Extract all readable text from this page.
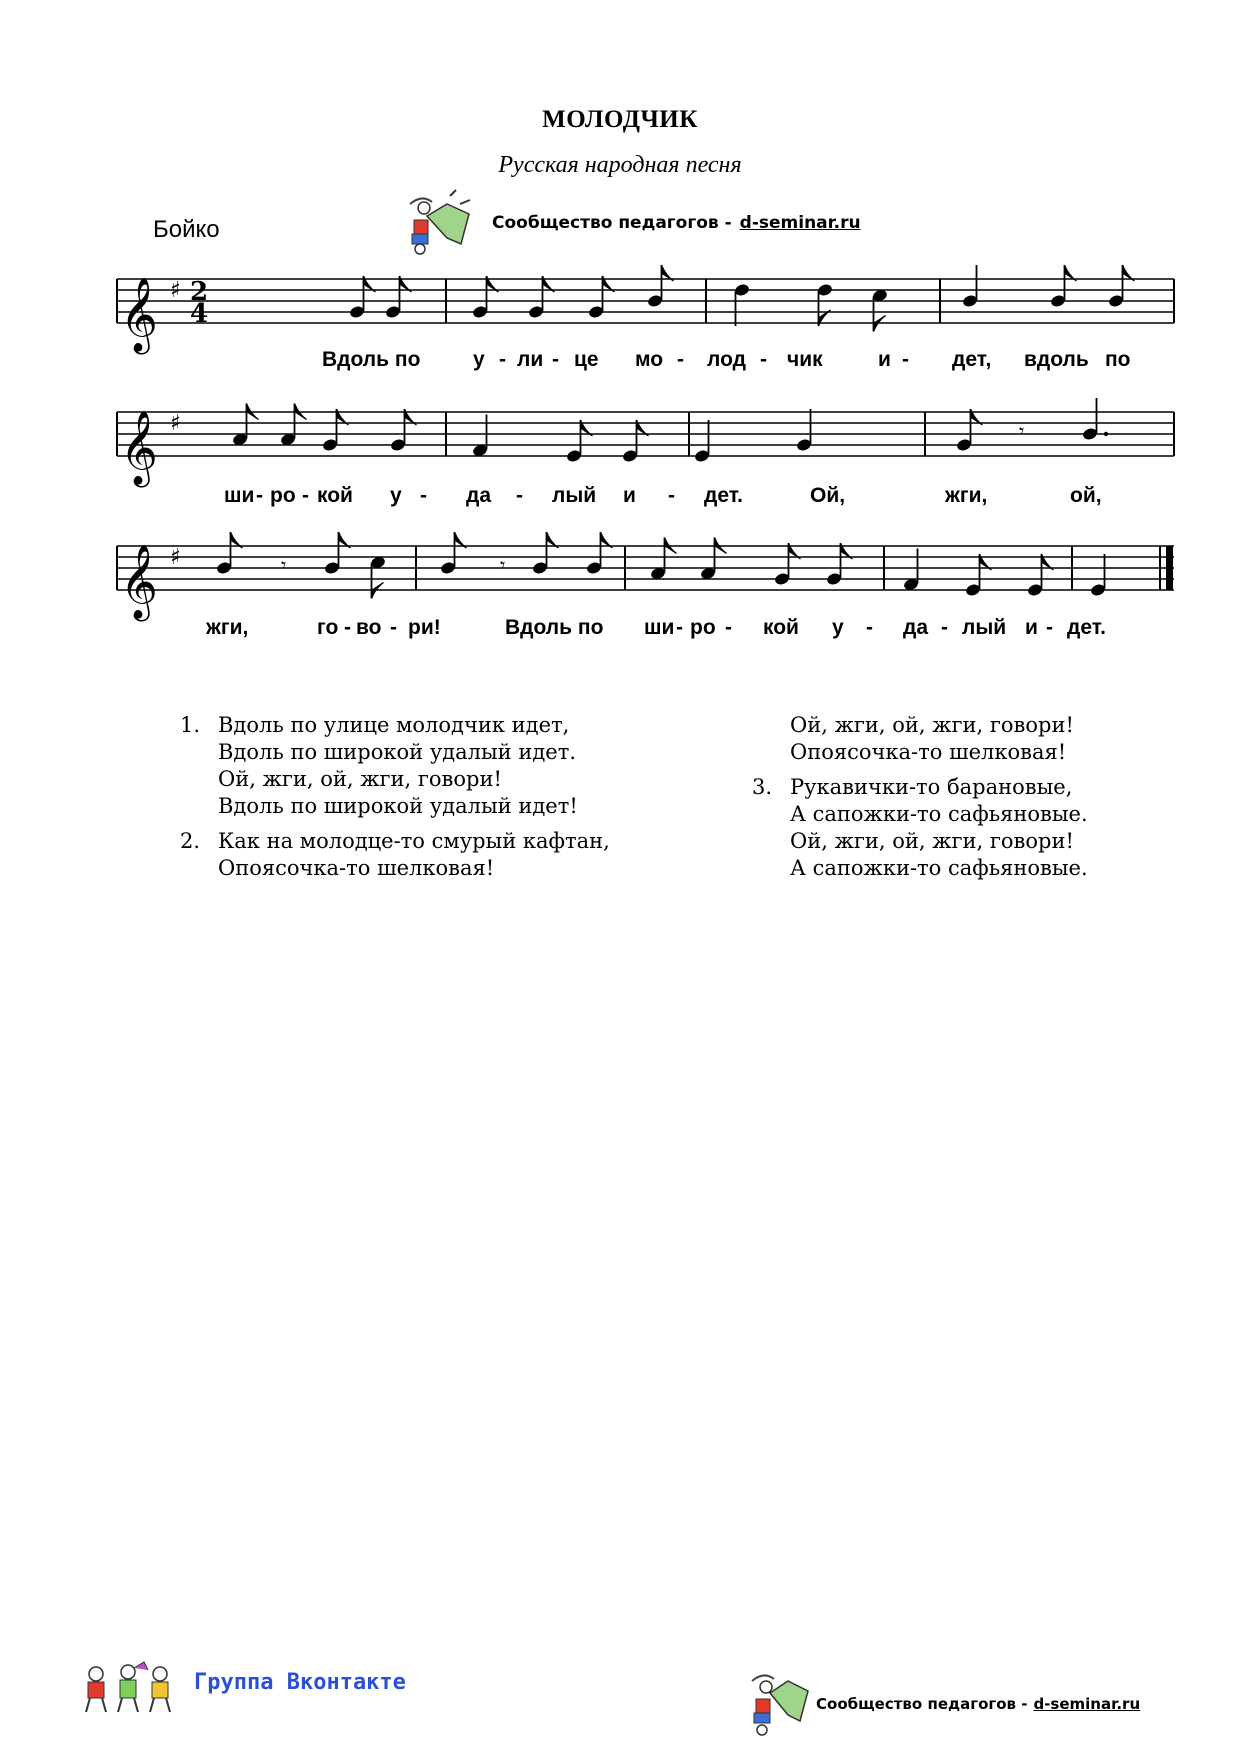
МОЛОДЧИК
Русская народная песня
Бойко	Сообщество педагогов - d-seminar.ru
𝄞 ♯ 2
4
𝄞 ♯	𝄾
𝄞 ♯	𝄾	𝄾
Вдоль по	у - ли - це мо - лод - чик	и - дет, вдоль по
ши - ро - кой у - да - лый и - дет.	Ой,	жги,	ой,
жги,	го - во - ри!	Вдоль по ши - ро - кой у - да - лый и - дет.
1. Вдоль по улице молодчик идет,
Вдоль по широкой удалый идет.
Ой, жги, ой, жги, говори!
Вдоль по широкой удалый идет!
2. Как на молодце-то смурый кафтан,
Опоясочка-то шелковая!
Ой, жги, ой, жги, говори!
Опоясочка-то шелковая!
3. Рукавички-то барановые,
А сапожки-то сафьяновые.
Ой, жги, ой, жги, говори!
А сапожки-то сафьяновые.
Группа Вконтакте
Сообщество педагогов - d-seminar.ru
